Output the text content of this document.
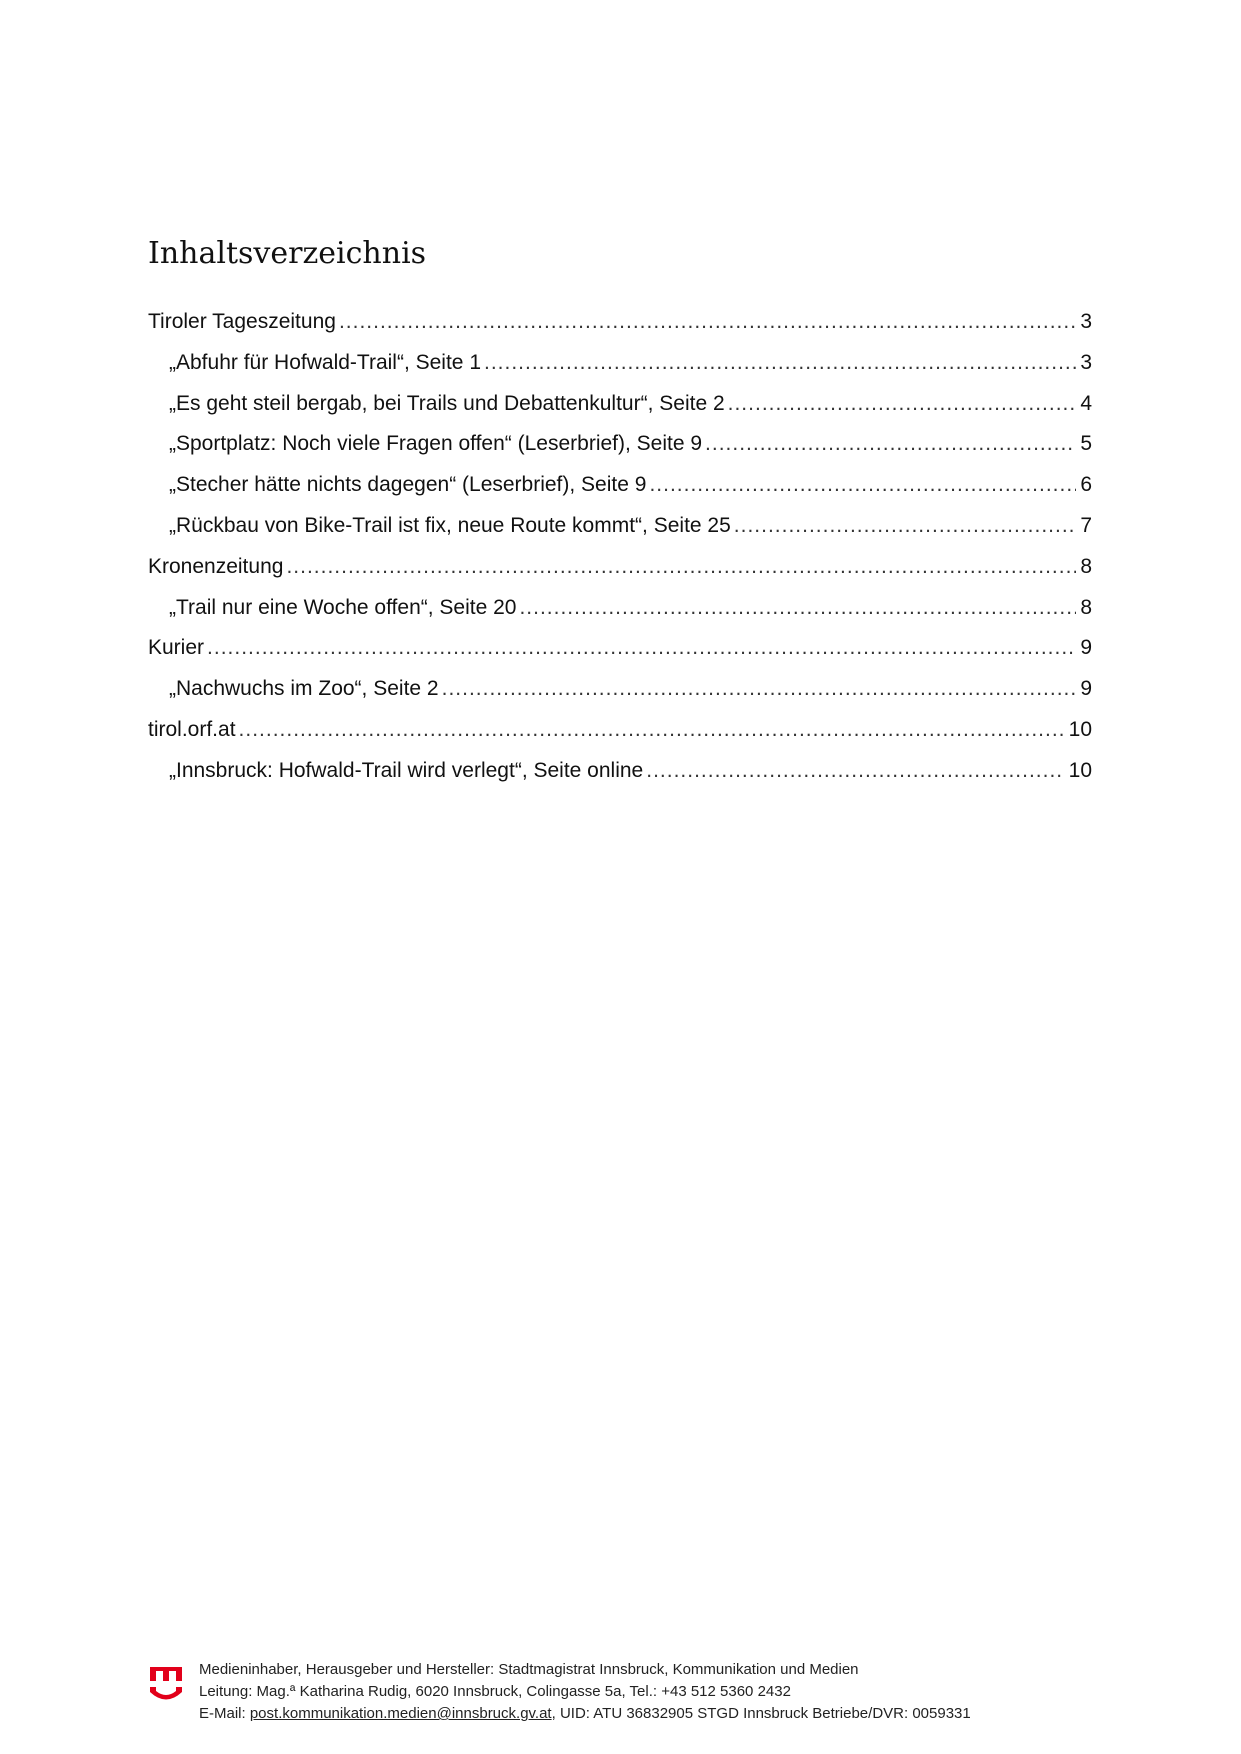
Inhaltsverzeichnis
Tiroler Tageszeitung .....	3
„Abfuhr für Hofwald-Trail“, Seite 1 .....	3
„Es geht steil bergab, bei Trails und Debattenkultur“, Seite 2 .....	4
„Sportplatz: Noch viele Fragen offen“ (Leserbrief), Seite 9 .....	5
„Stecher hätte nichts dagegen“ (Leserbrief), Seite 9 .....	6
„Rückbau von Bike-Trail ist fix, neue Route kommt“, Seite 25 .....	7
Kronenzeitung .....	8
„Trail nur eine Woche offen“, Seite 20 .....	8
Kurier .....	9
„Nachwuchs im Zoo“, Seite 2 .....	9
tirol.orf.at .....	10
„Innsbruck: Hofwald-Trail wird verlegt“, Seite online .....	10
Medieninhaber, Herausgeber und Hersteller: Stadtmagistrat Innsbruck, Kommunikation und Medien
Leitung: Mag.ª Katharina Rudig, 6020 Innsbruck, Colingasse 5a, Tel.: +43 512 5360 2432
E-Mail: post.kommunikation.medien@innsbruck.gv.at, UID: ATU 36832905 STGD Innsbruck Betriebe/DVR: 0059331
